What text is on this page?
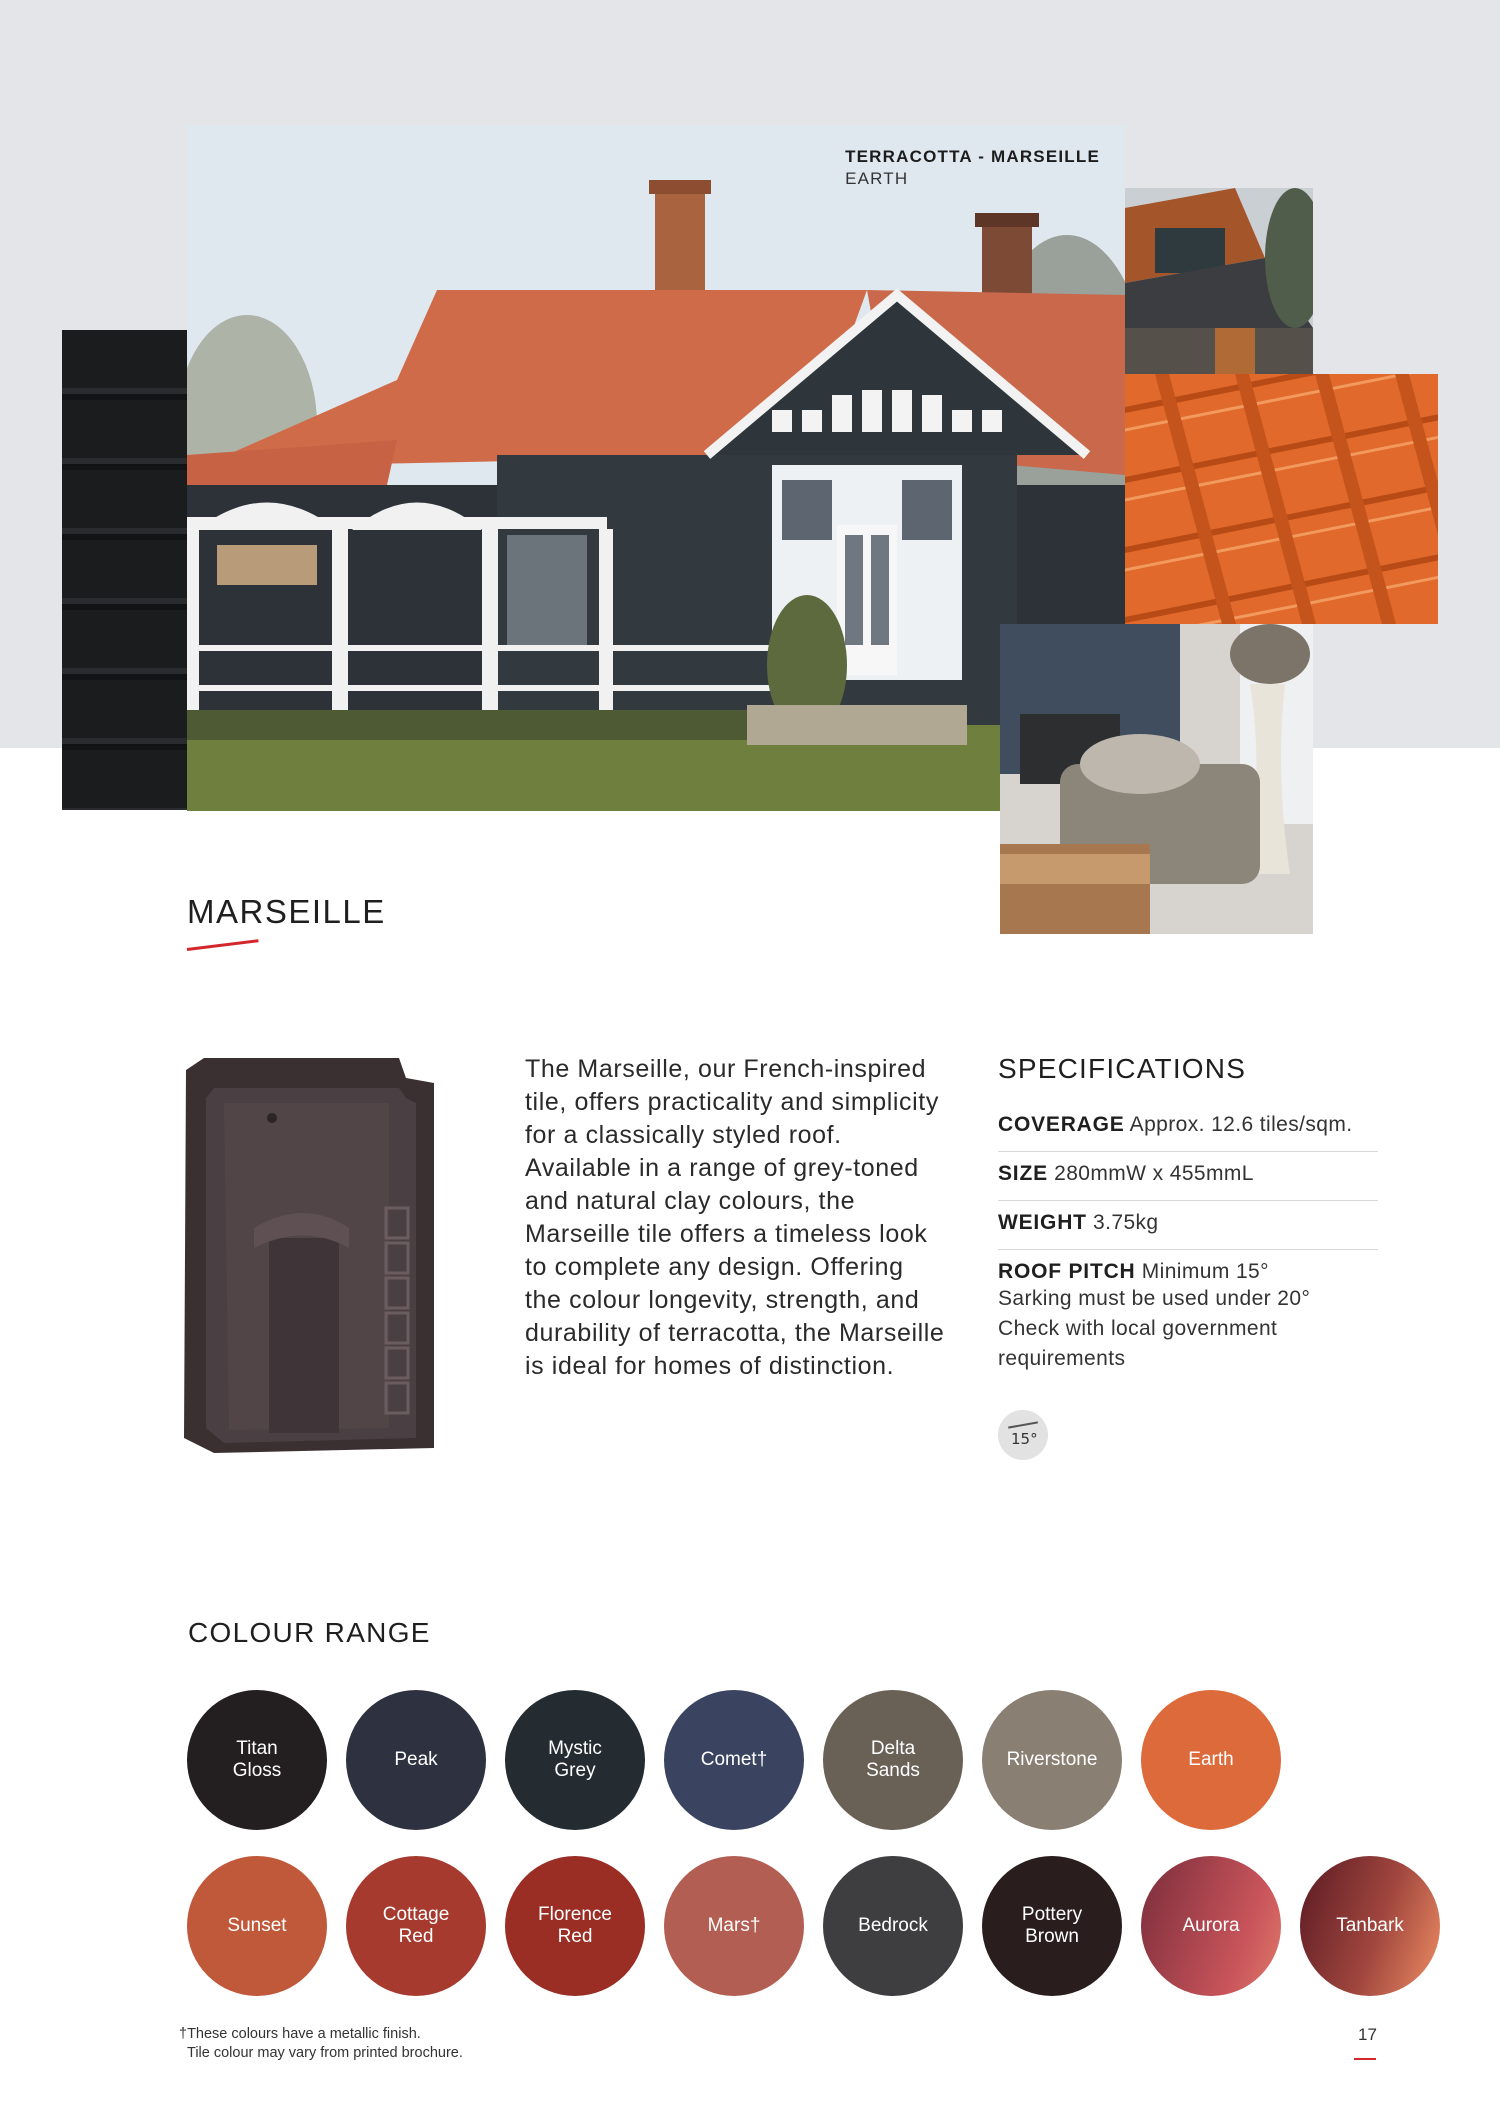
TERRACOTTA - MARSEILLE
EARTH
MARSEILLE
The Marseille, our French-inspired tile, offers practicality and simplicity for a classically styled roof. Available in a range of grey-toned and natural clay colours, the Marseille tile offers a timeless look to complete any design. Offering the colour longevity, strength, and durability of terracotta, the Marseille is ideal for homes of distinction.
SPECIFICATIONS
COVERAGE Approx. 12.6 tiles/sqm.
SIZE 280mmW x 455mmL
WEIGHT 3.75kg
ROOF PITCH Minimum 15°
Sarking must be used under 20°
Check with local government requirements
15°
COLOUR RANGE
Titan
Gloss
Peak
Mystic
Grey
Comet†
Delta
Sands
Riverstone	Earth
Sunset
Cottage
Red
Florence
Red
Mars†	Bedrock
Pottery
Brown
Aurora	Tanbark
†These colours have a metallic finish.
Tile colour may vary from printed brochure.
17
